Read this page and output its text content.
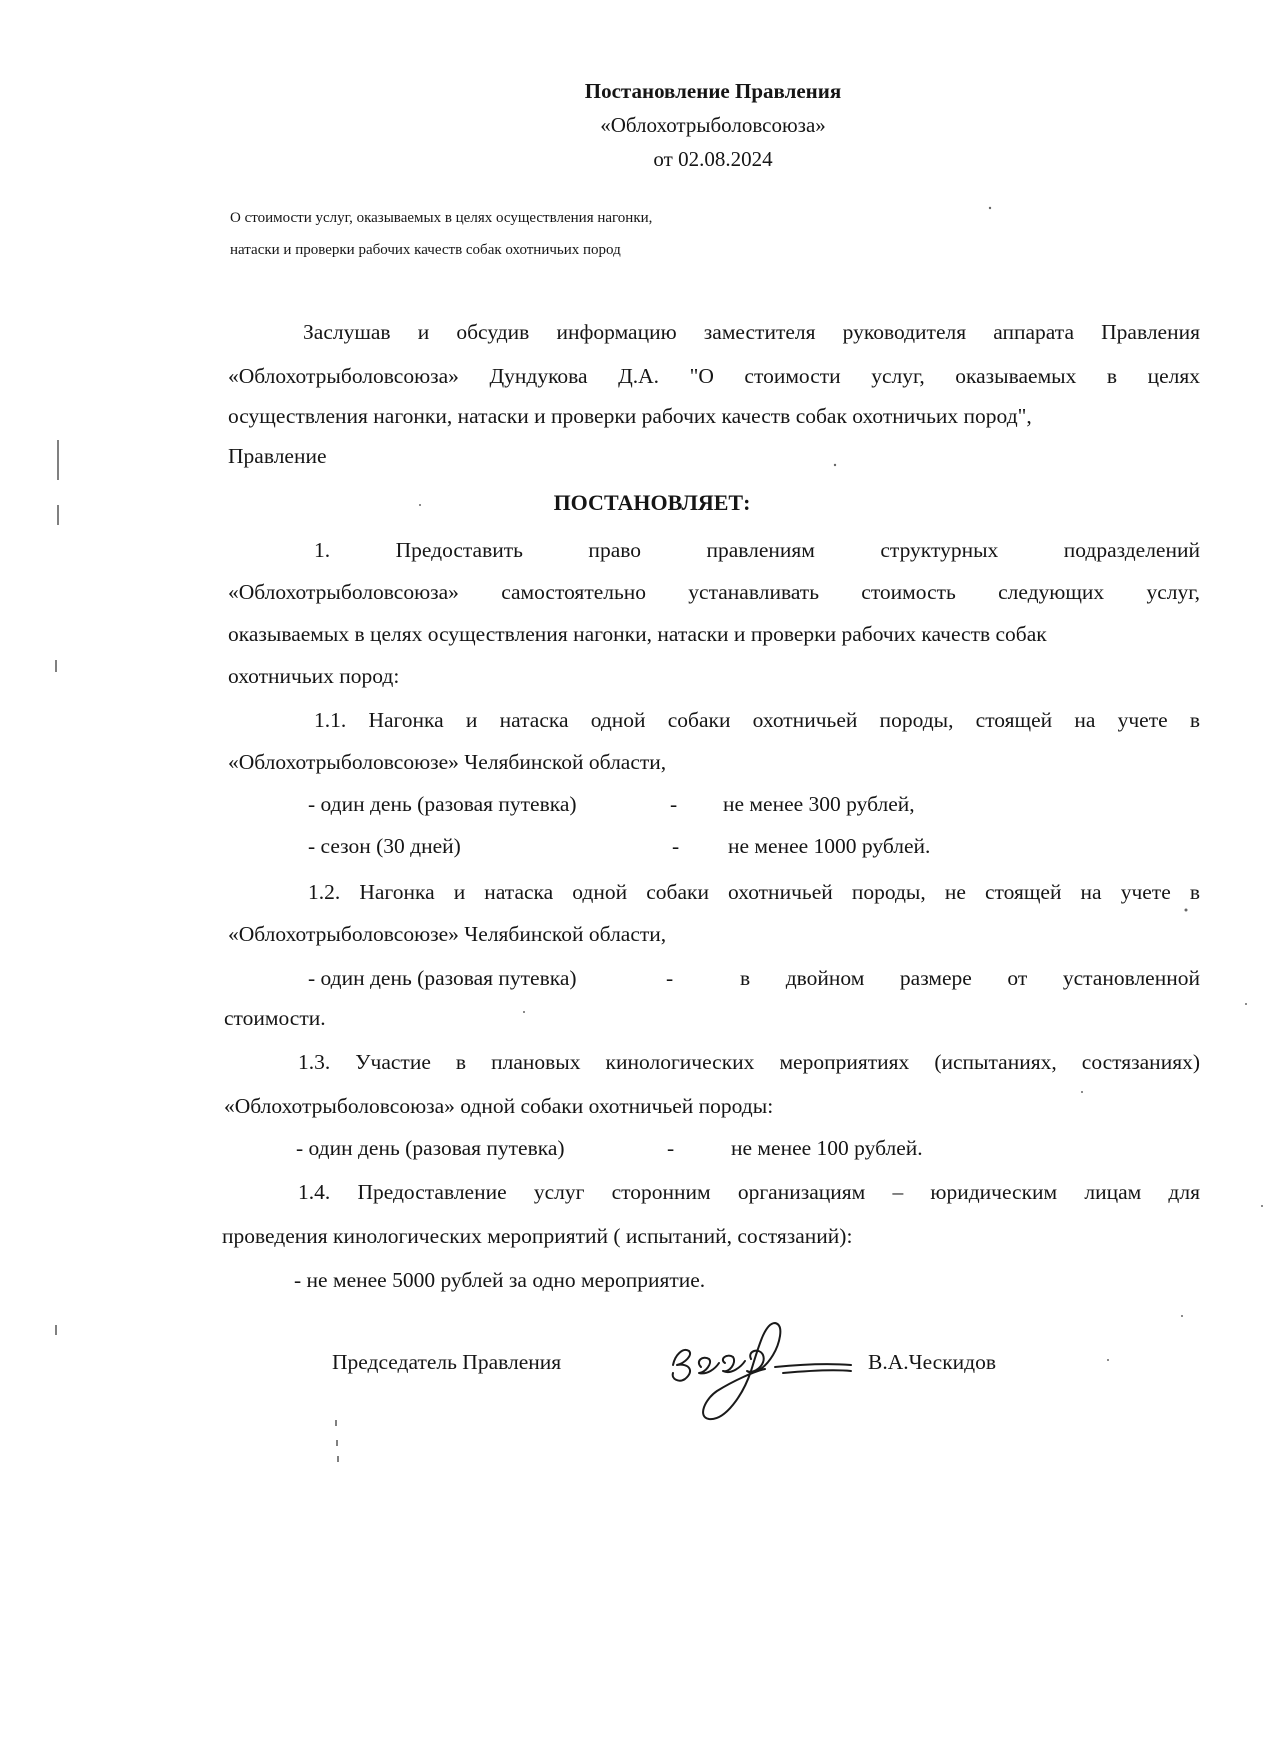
Постановление Правления
«Облохотрыболовсоюза»
от 02.08.2024
О стоимости услуг, оказываемых в целях осуществления нагонки,
натаски и проверки рабочих качеств собак охотничьих пород
Заслушав и обсудив информацию заместителя руководителя аппарата Правления
«Облохотрыболовсоюза» Дундукова Д.А. "О стоимости услуг, оказываемых в целях
осуществления нагонки, натаски и проверки рабочих качеств собак охотничьих пород",
Правление
ПОСТАНОВЛЯЕТ:
1.     Предоставить     право     правлениям     структурных     подразделений
«Облохотрыболовсоюза» самостоятельно устанавливать стоимость следующих услуг,
оказываемых в целях осуществления нагонки, натаски и проверки рабочих качеств собак
охотничьих пород:
1.1. Нагонка и натаска одной собаки охотничьей породы, стоящей на учете в
«Облохотрыболовсоюзе» Челябинской области,
- один день (разовая путевка)	- не менее 300 рублей,
- сезон (30 дней)	- не менее 1000 рублей.
1.2. Нагонка и натаска одной собаки охотничьей породы, не стоящей на учете в
«Облохотрыболовсоюзе» Челябинской области,
- один день (разовая путевка)	-	в  двойном  размере  от  установленной
стоимости.
1.3. Участие в плановых кинологических мероприятиях (испытаниях, состязаниях)
«Облохотрыболовсоюза» одной собаки охотничьей породы:
- один день (разовая путевка)	-	не менее 100 рублей.
1.4. Предоставление услуг сторонним организациям – юридическим лицам для
проведения кинологических мероприятий ( испытаний, состязаний):
- не менее 5000 рублей за одно мероприятие.
Председатель Правления	В.А.Ческидов
